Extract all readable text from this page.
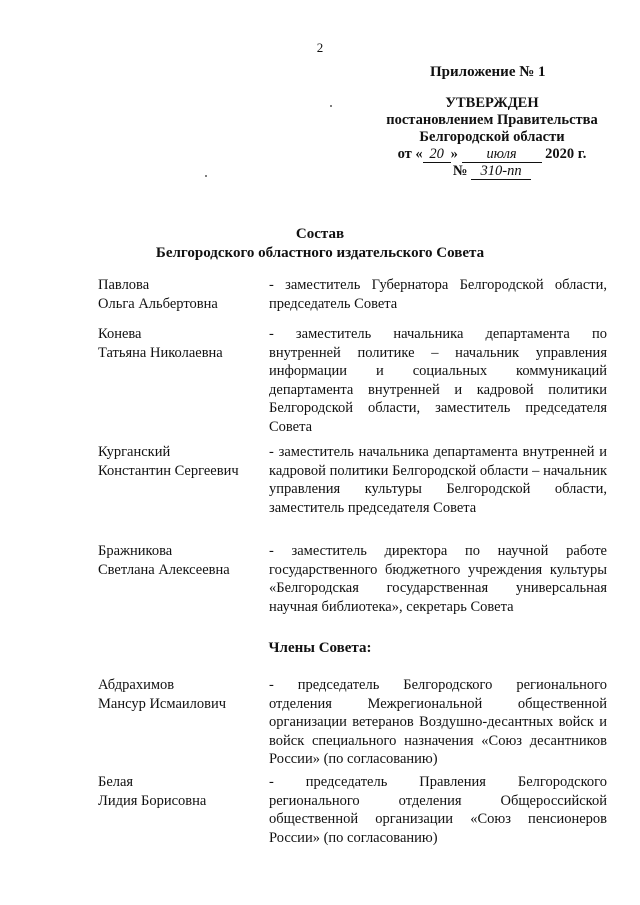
2
Приложение № 1
УТВЕРЖДЕН
постановлением Правительства
Белгородской области
от « 20 » июля 2020 г.
№ 310-пп
Состав
Белгородского областного издательского Совета
Павлова
Ольга Альбертовна
- заместитель Губернатора Белгородской области, председатель Совета
Конева
Татьяна Николаевна
- заместитель начальника департамента по внутренней политике – начальник управления информации и социальных коммуникаций департамента внутренней и кадровой политики Белгородской области, заместитель председателя Совета
Курганский
Константин Сергеевич
- заместитель начальника департамента внутренней и кадровой политики Белгородской области – начальник управления культуры Белгородской области, заместитель председателя Совета
Бражникова
Светлана Алексеевна
- заместитель директора по научной работе государственного бюджетного учреждения культуры «Белгородская государственная универсальная научная библиотека», секретарь Совета
Члены Совета:
Абдрахимов
Мансур Исмаилович
- председатель Белгородского регионального отделения Межрегиональной общественной организации ветеранов Воздушно-десантных войск и войск специального назначения «Союз десантников России» (по согласованию)
Белая
Лидия Борисовна
- председатель Правления Белгородского регионального отделения Общероссийской общественной организации «Союз пенсионеров России» (по согласованию)
